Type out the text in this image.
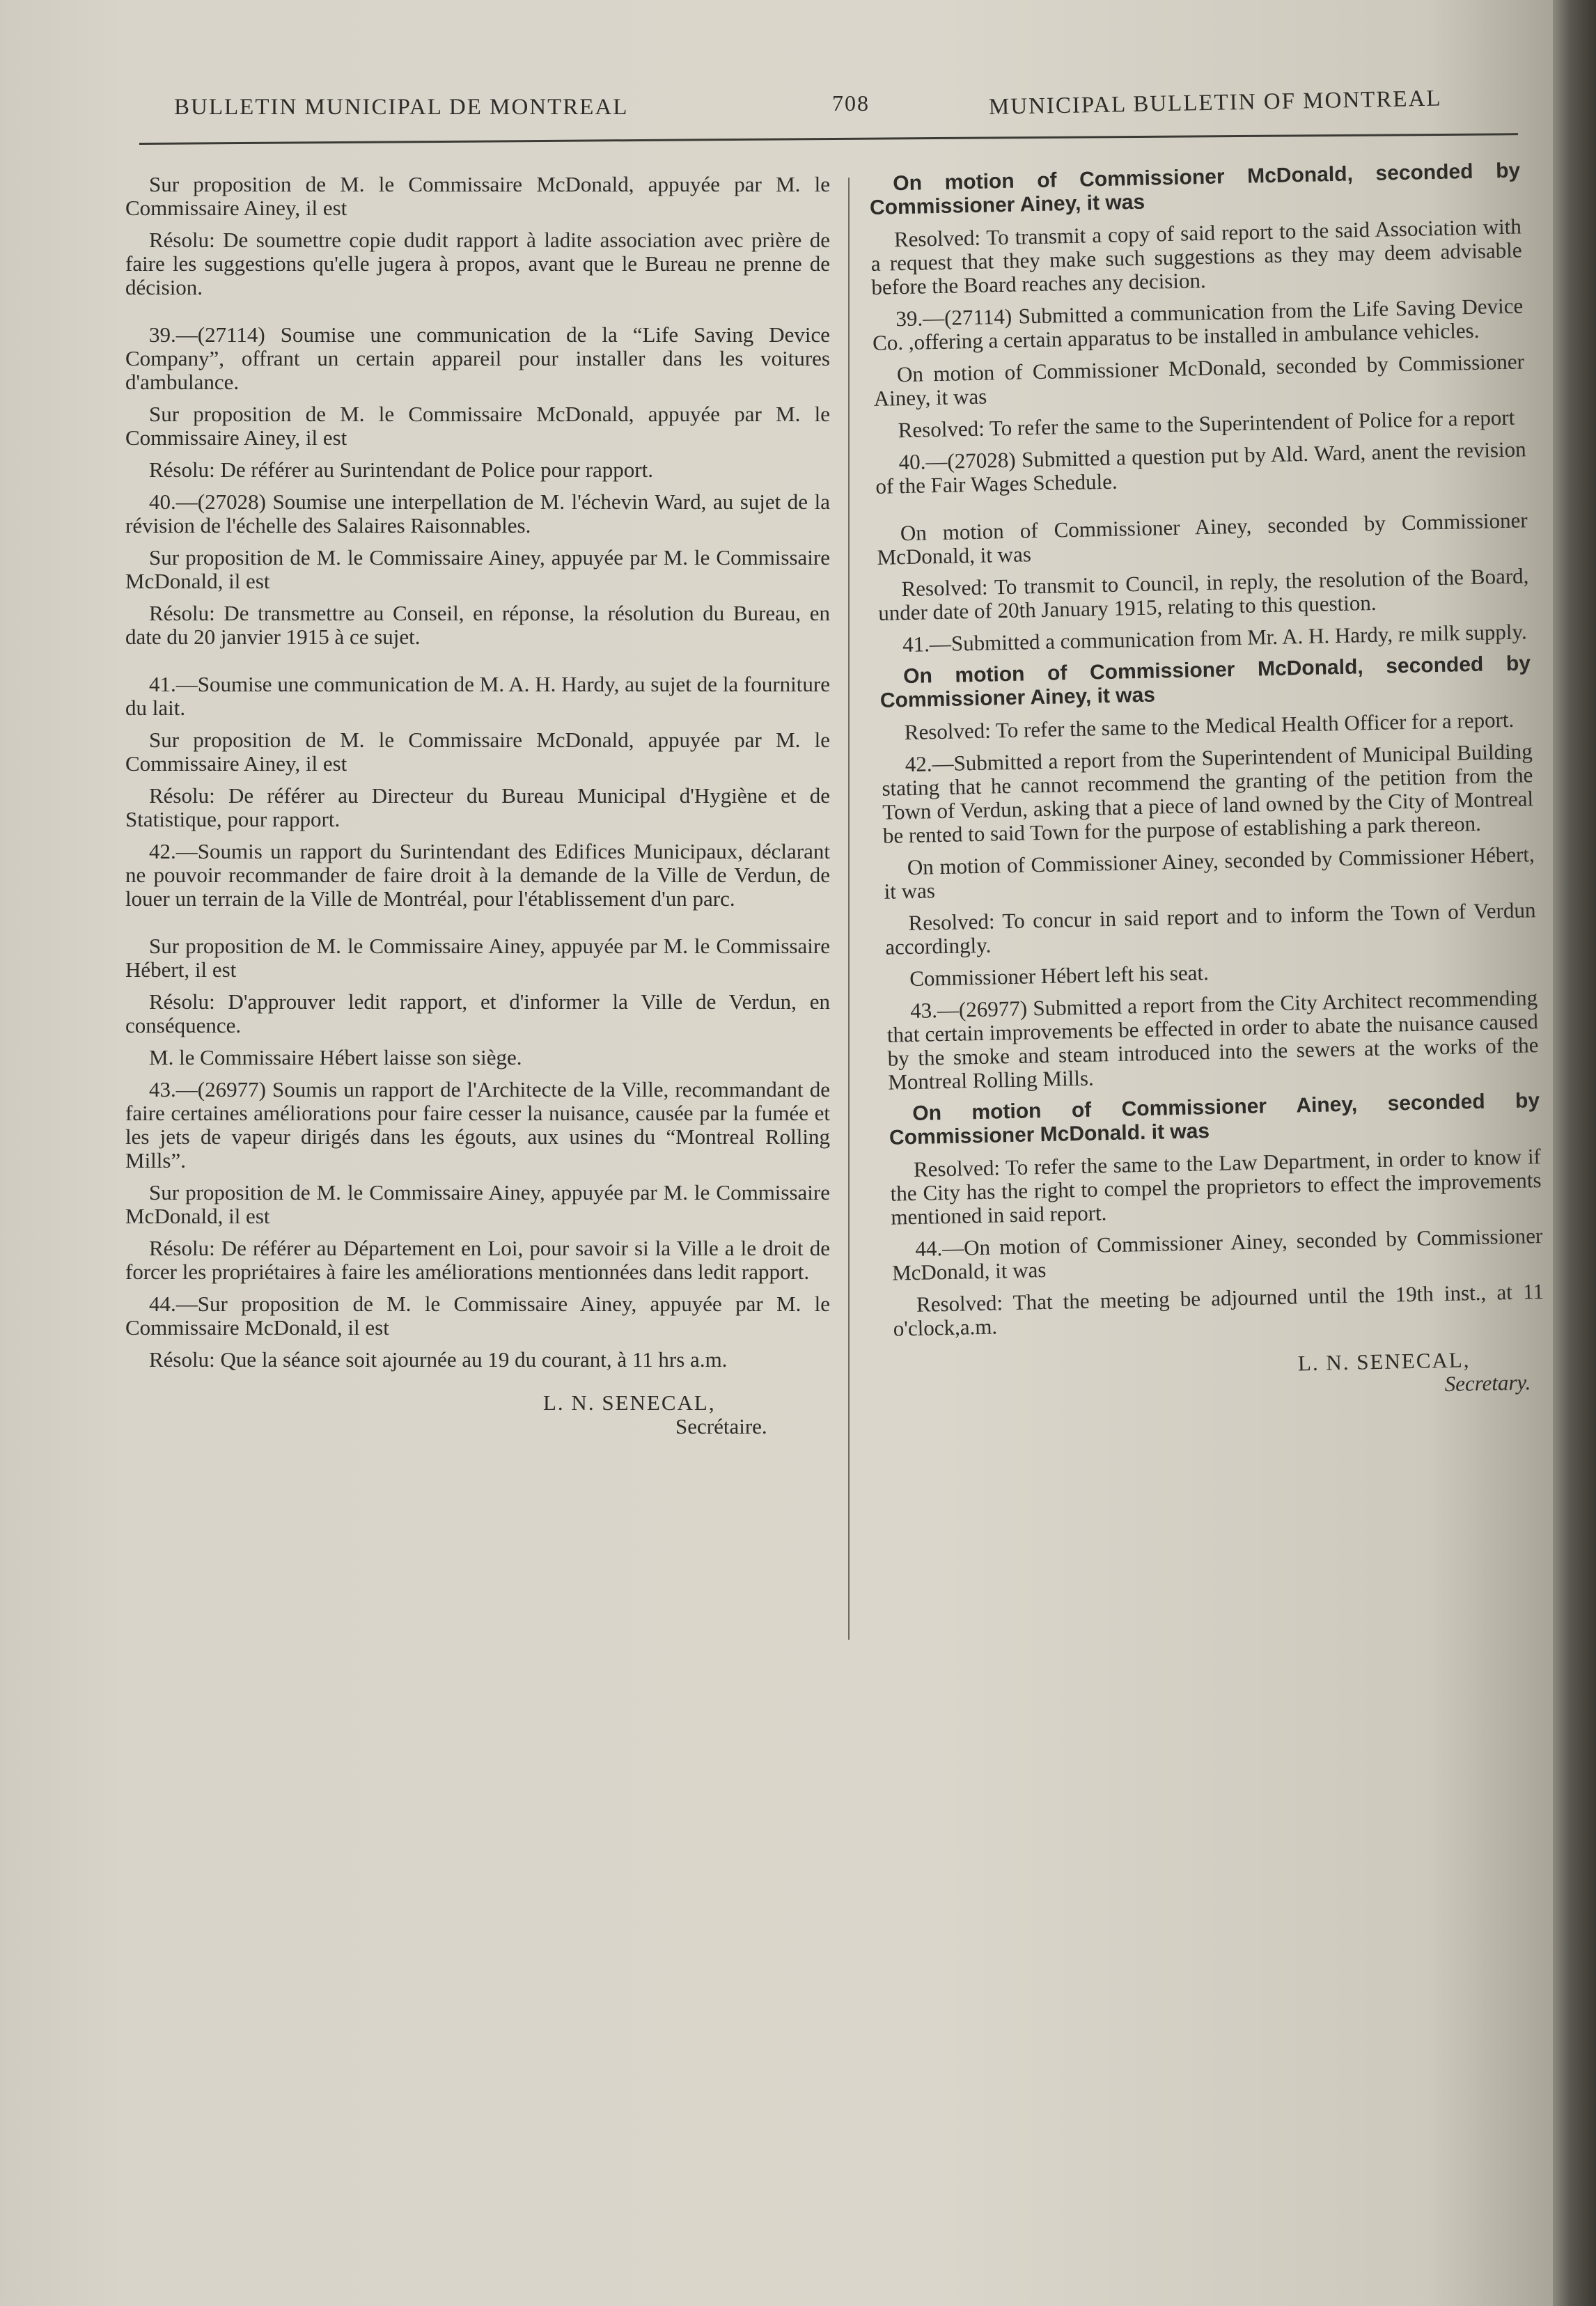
BULLETIN MUNICIPAL DE MONTREAL	708	MUNICIPAL BULLETIN OF MONTREAL

Sur proposition de M. le Commissaire McDonald, appuyée par M. le Commissaire Ainey, il est

Résolu: De soumettre copie dudit rapport à ladite association avec prière de faire les suggestions qu'elle jugera à propos, avant que le Bureau ne prenne de décision.

39.—(27114) Soumise une communication de la “Life Saving Device Company”, offrant un certain appareil pour installer dans les voitures d'ambulance.

Sur proposition de M. le Commissaire McDonald, appuyée par M. le Commissaire Ainey, il est

Résolu: De référer au Surintendant de Police pour rapport.

40.—(27028) Soumise une interpellation de M. l'échevin Ward, au sujet de la révision de l'échelle des Salaires Raisonnables.

Sur proposition de M. le Commissaire Ainey, appuyée par M. le Commissaire McDonald, il est

Résolu: De transmettre au Conseil, en réponse, la résolution du Bureau, en date du 20 janvier 1915 à ce sujet.

41.—Soumise une communication de M. A. H. Hardy, au sujet de la fourniture du lait.

Sur proposition de M. le Commissaire McDonald, appuyée par M. le Commissaire Ainey, il est

Résolu: De référer au Directeur du Bureau Municipal d'Hygiène et de Statistique, pour rapport.

42.—Soumis un rapport du Surintendant des Edifices Municipaux, déclarant ne pouvoir recommander de faire droit à la demande de la Ville de Verdun, de louer un terrain de la Ville de Montréal, pour l'établissement d'un parc.

Sur proposition de M. le Commissaire Ainey, appuyée par M. le Commissaire Hébert, il est

Résolu: D'approuver ledit rapport, et d'informer la Ville de Verdun, en conséquence.

M. le Commissaire Hébert laisse son siège.

43.—(26977) Soumis un rapport de l'Architecte de la Ville, recommandant de faire certaines améliorations pour faire cesser la nuisance, causée par la fumée et les jets de vapeur dirigés dans les égouts, aux usines du “Montreal Rolling Mills”.

Sur proposition de M. le Commissaire Ainey, appuyée par M. le Commissaire McDonald, il est

Résolu: De référer au Département en Loi, pour savoir si la Ville a le droit de forcer les propriétaires à faire les améliorations mentionnées dans ledit rapport.

44.—Sur proposition de M. le Commissaire Ainey, appuyée par M. le Commissaire McDonald, il est

Résolu: Que la séance soit ajournée au 19 du courant, à 11 hrs a.m.

L. N. SENECAL,
Secrétaire.

On motion of Commissioner McDonald, seconded by Commissioner Ainey, it was

Resolved: To transmit a copy of said report to the said Association with a request that they make such suggestions as they may deem advisable before the Board reaches any decision.

39.—(27114) Submitted a communication from the Life Saving Device Co. ,offering a certain apparatus to be installed in ambulance vehicles.

On motion of Commissioner McDonald, seconded by Commissioner Ainey, it was

Resolved: To refer the same to the Superintendent of Police for a report

40.—(27028) Submitted a question put by Ald. Ward, anent the revision of the Fair Wages Schedule.

On motion of Commissioner Ainey, seconded by Commissioner McDonald, it was

Resolved: To transmit to Council, in reply, the resolution of the Board, under date of 20th January 1915, relating to this question.

41.—Submitted a communication from Mr. A. H. Hardy, re milk supply.

On motion of Commissioner McDonald, seconded by Commissioner Ainey, it was

Resolved: To refer the same to the Medical Health Officer for a report.

42.—Submitted a report from the Superintendent of Municipal Building stating that he cannot recommend the granting of the petition from the Town of Verdun, asking that a piece of land owned by the City of Montreal be rented to said Town for the purpose of establishing a park thereon.

On motion of Commissioner Ainey, seconded by Commissioner Hébert, it was

Resolved: To concur in said report and to inform the Town of Verdun accordingly.

Commissioner Hébert left his seat.

43.—(26977) Submitted a report from the City Architect recommending that certain improvements be effected in order to abate the nuisance caused by the smoke and steam introduced into the sewers at the works of the Montreal Rolling Mills.

On motion of Commissioner Ainey, seconded by Commissioner McDonald. it was

Resolved: To refer the same to the Law Department, in order to know if the City has the right to compel the proprietors to effect the improvements mentioned in said report.

44.—On motion of Commissioner Ainey, seconded by Commissioner McDonald, it was

Resolved: That the meeting be adjourned until the 19th inst., at 11 o'clock,a.m.

L. N. SENECAL,
Secretary.
